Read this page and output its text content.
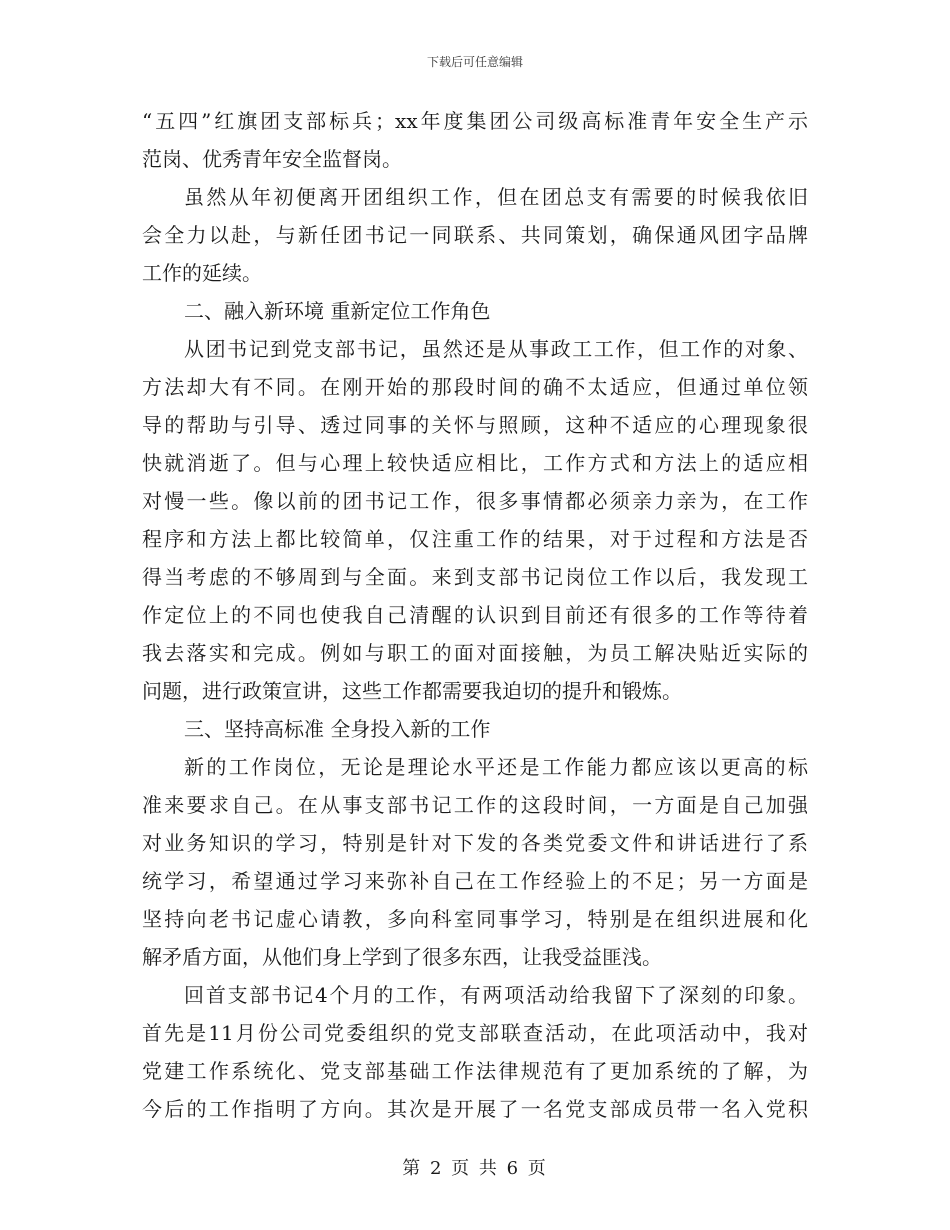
下载后可任意编辑
“五四”红旗团支部标兵；xx年度集团公司级高标准青年安全生产示
范岗、优秀青年安全监督岗。
虽然从年初便离开团组织工作，但在团总支有需要的时候我依旧
会全力以赴，与新任团书记一同联系、共同策划，确保通风团字品牌
工作的延续。
二、融入新环境 重新定位工作角色
从团书记到党支部书记，虽然还是从事政工工作，但工作的对象、
方法却大有不同。在刚开始的那段时间的确不太适应，但通过单位领
导的帮助与引导、透过同事的关怀与照顾，这种不适应的心理现象很
快就消逝了。但与心理上较快适应相比，工作方式和方法上的适应相
对慢一些。像以前的团书记工作，很多事情都必须亲力亲为，在工作
程序和方法上都比较简单，仅注重工作的结果，对于过程和方法是否
得当考虑的不够周到与全面。来到支部书记岗位工作以后，我发现工
作定位上的不同也使我自己清醒的认识到目前还有很多的工作等待着
我去落实和完成。例如与职工的面对面接触，为员工解决贴近实际的
问题，进行政策宣讲，这些工作都需要我迫切的提升和锻炼。
三、坚持高标准 全身投入新的工作
新的工作岗位，无论是理论水平还是工作能力都应该以更高的标
准来要求自己。在从事支部书记工作的这段时间，一方面是自己加强
对业务知识的学习，特别是针对下发的各类党委文件和讲话进行了系
统学习，希望通过学习来弥补自己在工作经验上的不足；另一方面是
坚持向老书记虚心请教，多向科室同事学习，特别是在组织进展和化
解矛盾方面，从他们身上学到了很多东西，让我受益匪浅。
回首支部书记4个月的工作，有两项活动给我留下了深刻的印象。
首先是11月份公司党委组织的党支部联查活动，在此项活动中，我对
党建工作系统化、党支部基础工作法律规范有了更加系统的了解，为
今后的工作指明了方向。其次是开展了一名党支部成员带一名入党积
第 2 页 共 6 页
